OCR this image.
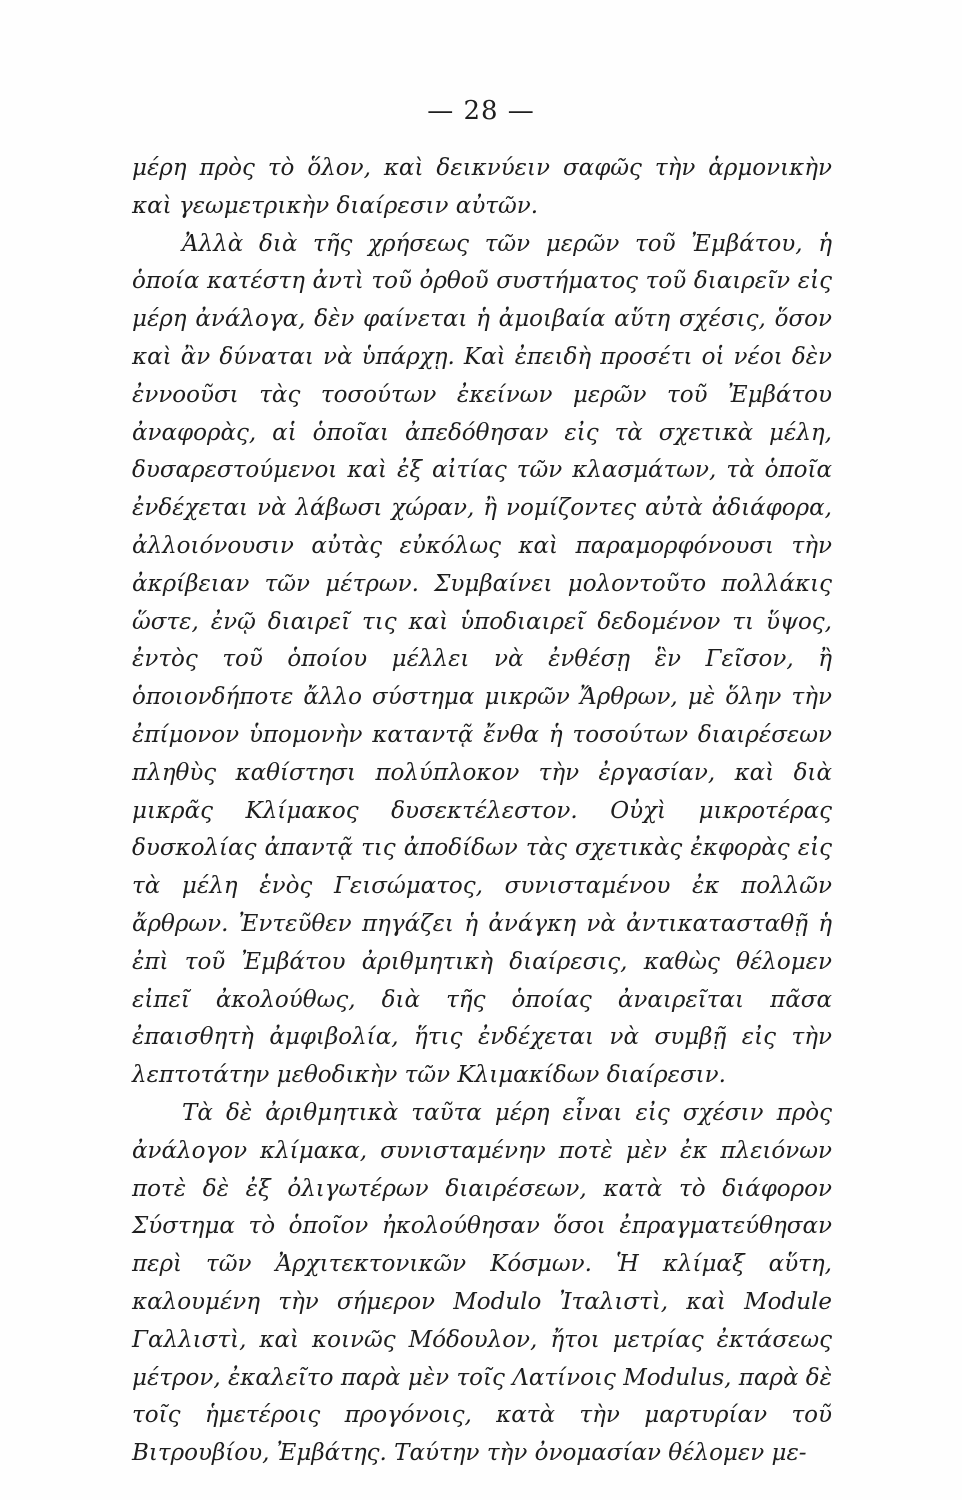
— 28 —

μέρη πρὸς τὸ ὅλον, καὶ δεικνύειν σαφῶς τὴν ἁρμονικὴν καὶ γεωμετρικὴν διαίρεσιν αὐτῶν.

Ἀλλὰ διὰ τῆς χρήσεως τῶν μερῶν τοῦ Ἐμβάτου, ἡ ὁποία κατέστη ἀντὶ τοῦ ὀρθοῦ συστήματος τοῦ διαιρεῖν εἰς μέρη ἀνάλογα, δὲν φαίνεται ἡ ἀμοιβαία αὕτη σχέσις, ὅσον καὶ ἂν δύναται νὰ ὑπάρχῃ. Καὶ ἐπειδὴ προσέτι οἱ νέοι δὲν ἐννοοῦσι τὰς τοσούτων ἐκείνων μερῶν τοῦ Ἐμβάτου ἀναφορὰς, αἱ ὁποῖαι ἀπεδόθησαν εἰς τὰ σχετικὰ μέλη, δυσαρεστούμενοι καὶ ἐξ αἰτίας τῶν κλασμάτων, τὰ ὁποῖα ἐνδέχεται νὰ λάβωσι χώραν, ἢ νομίζοντες αὐτὰ ἀδιάφορα, ἀλλοιόνουσιν αὐτὰς εὐκόλως καὶ παραμορφόνουσι τὴν ἀκρίβειαν τῶν μέτρων. Συμβαίνει μολοντοῦτο πολλάκις ὥστε, ἐνῷ διαιρεῖ τις καὶ ὑποδιαιρεῖ δεδομένον τι ὕψος, ἐντὸς τοῦ ὁποίου μέλλει νὰ ἐνθέσῃ ἓν Γεῖσον, ἢ ὁποιονδήποτε ἄλλο σύστημα μικρῶν Ἄρθρων, μὲ ὅλην τὴν ἐπίμονον ὑπομονὴν καταντᾷ ἔνθα ἡ τοσούτων διαιρέσεων πληθὺς καθίστησι πολύπλοκον τὴν ἐργασίαν, καὶ διὰ μικρᾶς Κλίμακος δυσεκτέλεστον. Οὐχὶ μικροτέρας δυσκολίας ἀπαντᾷ τις ἀποδίδων τὰς σχετικὰς ἐκφορὰς εἰς τὰ μέλη ἑνὸς Γεισώματος, συνισταμένου ἐκ πολλῶν ἄρθρων. Ἐντεῦθεν πηγάζει ἡ ἀνάγκη νὰ ἀντικατασταθῇ ἡ ἐπὶ τοῦ Ἐμβάτου ἀριθμητικὴ διαίρεσις, καθὼς θέλομεν εἰπεῖ ἀκολούθως, διὰ τῆς ὁποίας ἀναιρεῖται πᾶσα ἐπαισθητὴ ἀμφιβολία, ἥτις ἐνδέχεται νὰ συμβῇ εἰς τὴν λεπτοτάτην μεθοδικὴν τῶν Κλιμακίδων διαίρεσιν.

Τὰ δὲ ἀριθμητικὰ ταῦτα μέρη εἶναι εἰς σχέσιν πρὸς ἀνάλογον κλίμακα, συνισταμένην ποτὲ μὲν ἐκ πλειόνων ποτὲ δὲ ἐξ ὀλιγωτέρων διαιρέσεων, κατὰ τὸ διάφορον Σύστημα τὸ ὁποῖον ἠκολούθησαν ὅσοι ἐπραγματεύθησαν περὶ τῶν Ἀρχιτεκτονικῶν Κόσμων. Ἡ κλίμαξ αὕτη, καλουμένη τὴν σήμερον Modulo Ἰταλιστὶ, καὶ Module Γαλλιστὶ, καὶ κοινῶς Μόδουλον, ἤτοι μετρίας ἐκτάσεως μέτρον, ἐκαλεῖτο παρὰ μὲν τοῖς Λατίνοις Modulus, παρὰ δὲ τοῖς ἡμετέροις προγόνοις, κατὰ τὴν μαρτυρίαν τοῦ Βιτρουβίου, Ἐμβάτης. Ταύτην τὴν ὀνομασίαν θέλομεν με-
